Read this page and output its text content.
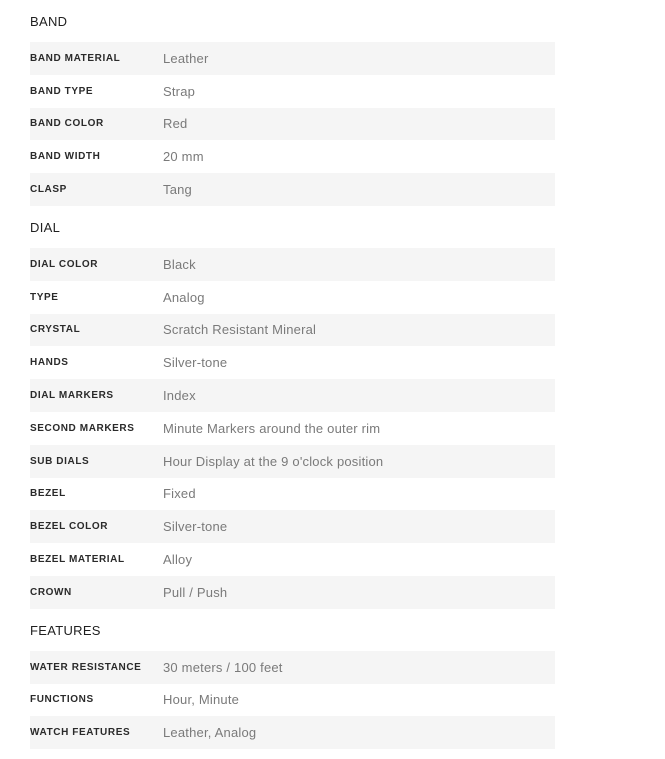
BAND
BAND MATERIAL	Leather
BAND TYPE	Strap
BAND COLOR	Red
BAND WIDTH	20 mm
CLASP	Tang
DIAL
DIAL COLOR	Black
TYPE	Analog
CRYSTAL	Scratch Resistant Mineral
HANDS	Silver-tone
DIAL MARKERS	Index
SECOND MARKERS	Minute Markers around the outer rim
SUB DIALS	Hour Display at the 9 o'clock position
BEZEL	Fixed
BEZEL COLOR	Silver-tone
BEZEL MATERIAL	Alloy
CROWN	Pull / Push
FEATURES
WATER RESISTANCE	30 meters / 100 feet
FUNCTIONS	Hour, Minute
WATCH FEATURES	Leather, Analog
